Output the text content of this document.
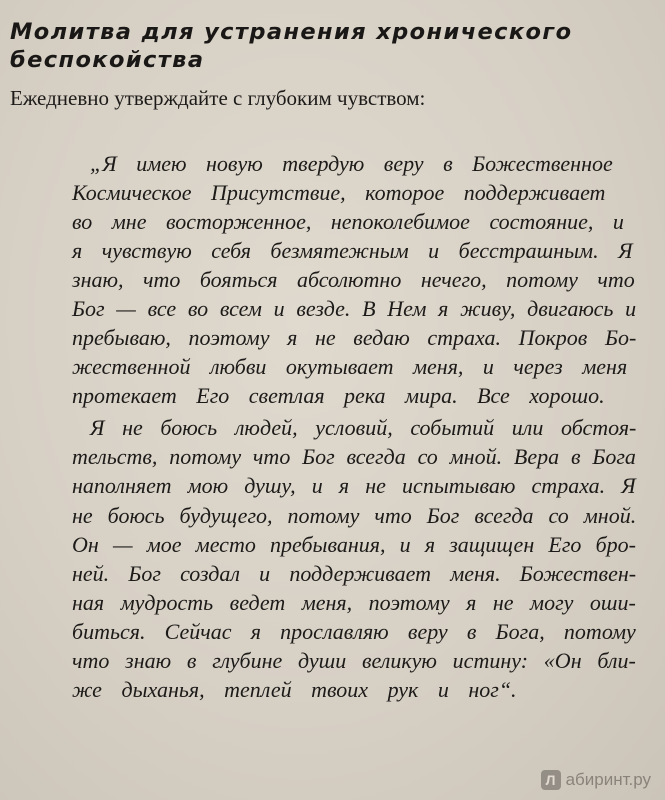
Молитва для устранения хронического
беспокойства
Ежедневно утверждайте с глубоким чувством:
„Я имею новую твердую веру в Божественное
Космическое Присутствие, которое поддерживает
во мне восторженное, непоколебимое состояние, и
я чувствую себя безмятежным и бесстрашным. Я
знаю, что бояться абсолютно нечего, потому что
Бог — все во всем и везде. В Нем я живу, двигаюсь и
пребываю, поэтому я не ведаю страха. Покров Бо-
жественной любви окутывает меня, и через меня
протекает Его светлая река мира. Все хорошо.
Я не боюсь людей, условий, событий или обстоя-
тельств, потому что Бог всегда со мной. Вера в Бога
наполняет мою душу, и я не испытываю страха. Я
не боюсь будущего, потому что Бог всегда со мной.
Он — мое место пребывания, и я защищен Его бро-
ней. Бог создал и поддерживает меня. Божествен-
ная мудрость ведет меня, поэтому я не могу оши-
биться. Сейчас я прославляю веру в Бога, потому
что знаю в глубине души великую истину: «Он бли-
же дыханья, теплей твоих рук и ног“.
Л абиринт.ру
